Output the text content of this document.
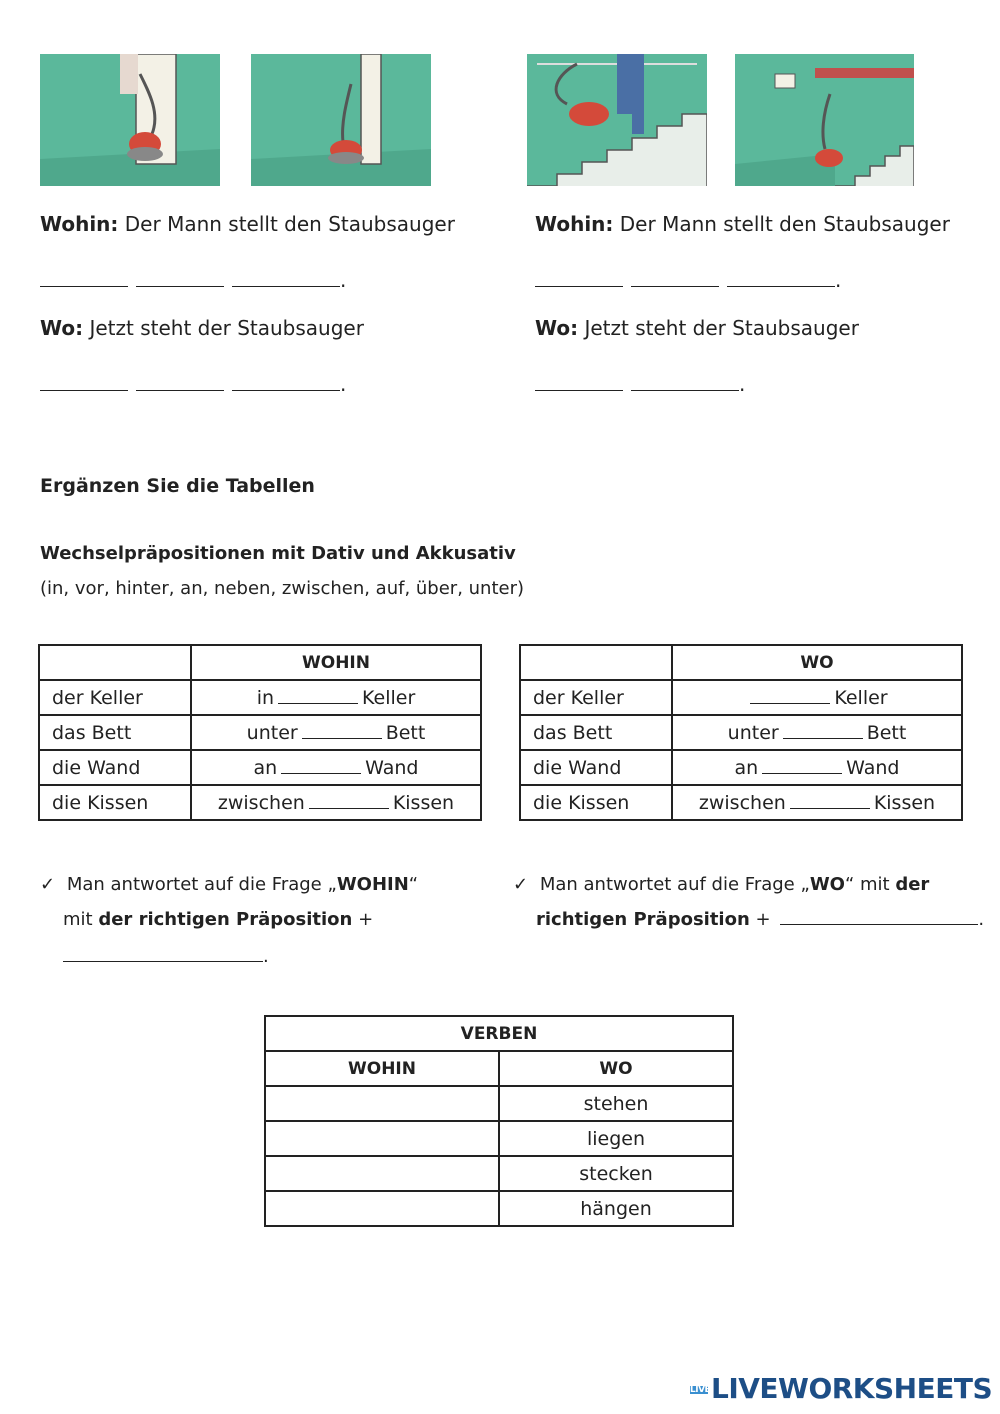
Wohin: Der Mann stellt den Staubsauger
.
Wo: Jetzt steht der Staubsauger
.
Wohin: Der Mann stellt den Staubsauger
.
Wo: Jetzt steht der Staubsauger
.
Ergänzen Sie die Tabellen
Wechselpräpositionen mit Dativ und Akkusativ
(in, vor, hinter, an, neben, zwischen, auf, über, unter)
	WOHIN
der Keller	in Keller
das Bett	unter Bett
die Wand	an Wand
die Kissen	zwischen Kissen
	WO
der Keller	Keller
das Bett	unter Bett
die Wand	an Wand
die Kissen	zwischen Kissen
✓ Man antwortet auf die Frage „WOHIN“
mit der richtigen Präposition +
.
✓ Man antwortet auf die Frage „WO“ mit der
richtigen Präposition +	.
VERBEN	
WOHIN	WO
	stehen
	liegen
	stecken
	hängen
LIVELIVEWORKSHEETS
